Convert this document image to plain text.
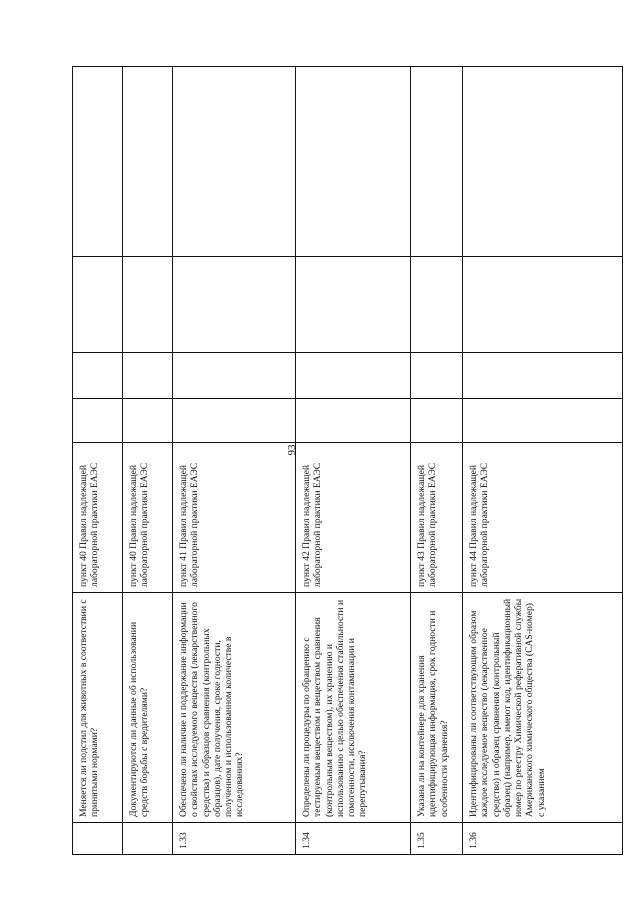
93
	Меняется ли подстил для животных в соответствии с принятыми нормами?	пункт 40 Правил надлежащей лабораторной практики ЕАЭС				
	Документируются ли данные об использовании средств борьбы с вредителями?	пункт 40 Правил надлежащей лабораторной практики ЕАЭС				
1.33	Обеспечено ли наличие и поддержание информации о свойствах исследуемого вещества (лекарственного средства) и образцов сравнения (контрольных образцов), дате получения, сроке годности, полученном и использованном количестве в исследованиях?	пункт 41 Правил надлежащей лабораторной практики ЕАЭС				
1.34	Определены ли процедуры по обращению с тестируемым веществом и веществом сравнения (контрольным веществом), их хранению и использованию с целью обеспечения стабильности и гомогенности, исключения контаминации и перепутывания?	пункт 42 Правил надлежащей лабораторной практики ЕАЭС				
1.35	Указана ли на контейнере для хранения идентифицирующая информация, срок годности и особенности хранения?	пункт 43 Правил надлежащей лабораторной практики ЕАЭС				
1.36	Идентифицированы ли соответствующим образом каждое исследуемое вещество (лекарственное средство) и образец сравнения (контрольный образец) (например, имеют код, идентификационный номер по реестру Химической реферативной службы Американского химического общества (CAS-номер) с указанием	пункт 44 Правил надлежащей лабораторной практики ЕАЭС				
